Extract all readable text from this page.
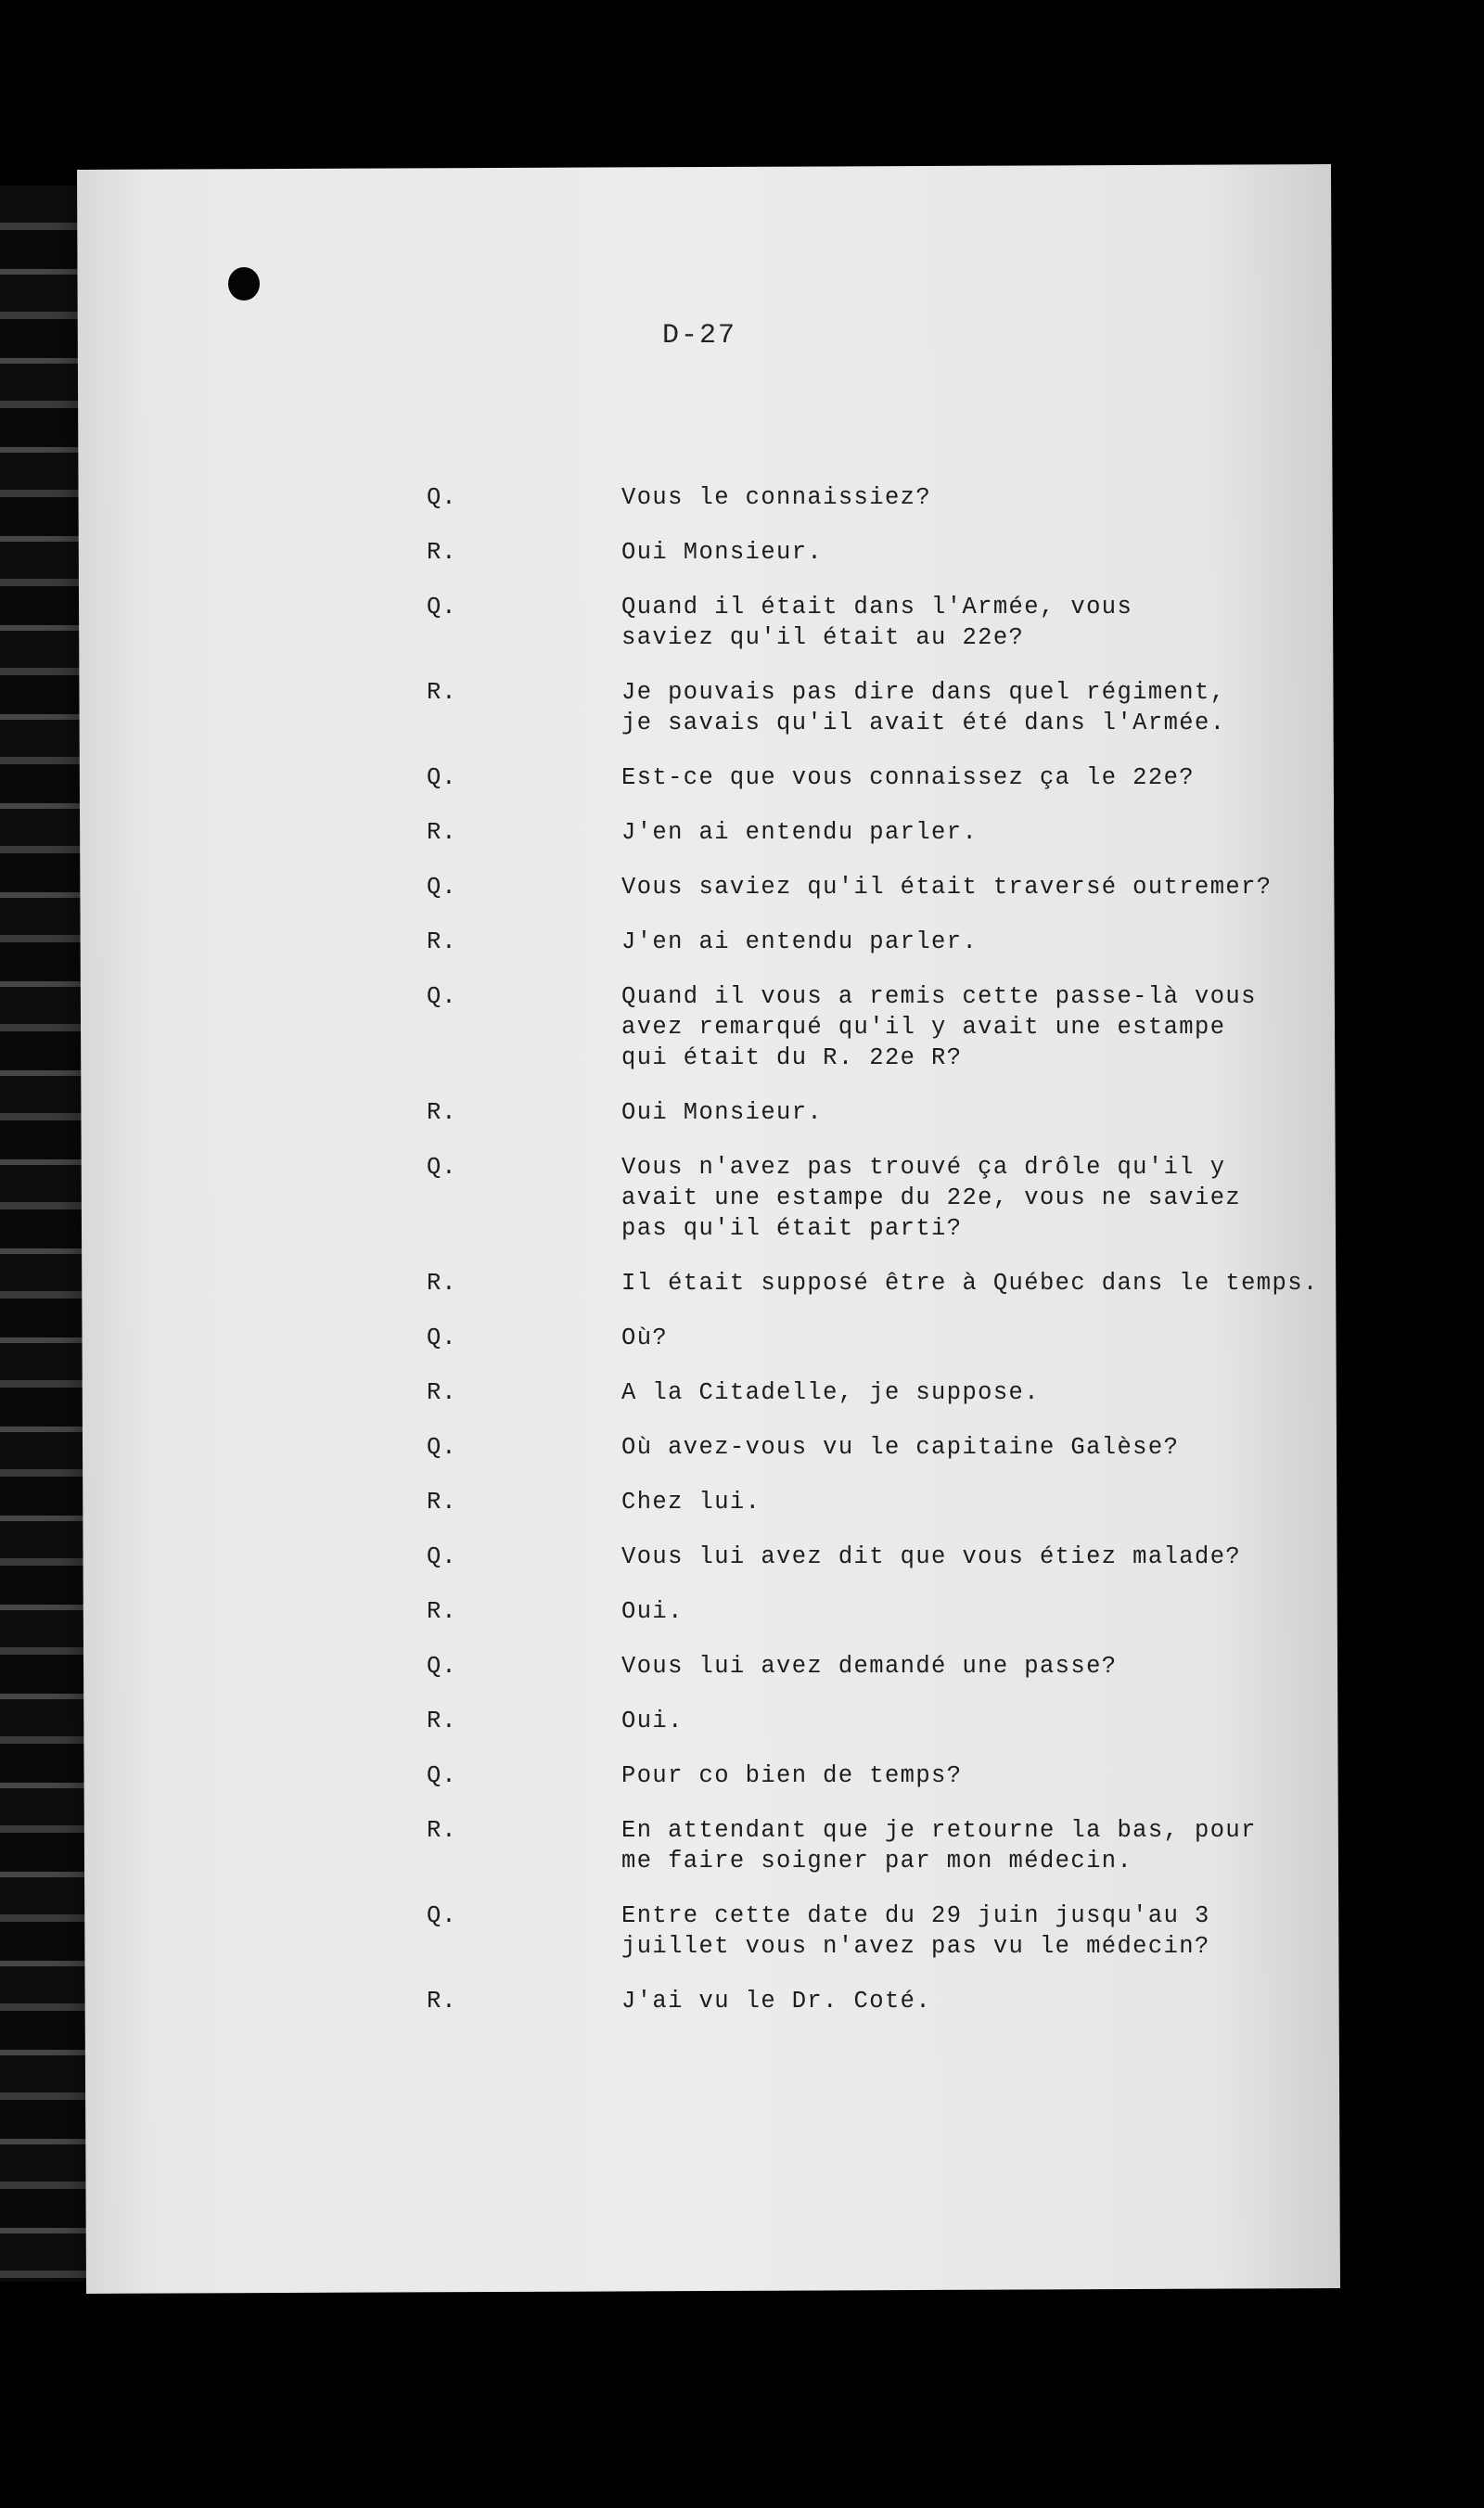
D-27
Q.	Vous le connaissiez?
R.	Oui Monsieur.
Q.	Quand il était dans l'Armée, vous
saviez qu'il était au 22e?
R.	Je pouvais pas dire dans quel régiment,
je savais qu'il avait été dans l'Armée.
Q.	Est-ce que vous connaissez ça le 22e?
R.	J'en ai entendu parler.
Q.	Vous saviez qu'il était traversé outremer?
R.	J'en ai entendu parler.
Q.	Quand il vous a remis cette passe-là vous
avez remarqué qu'il y avait une estampe
qui était du R. 22e R?
R.	Oui Monsieur.
Q.	Vous n'avez pas trouvé ça drôle qu'il y
avait une estampe du 22e, vous ne saviez
pas qu'il était parti?
R.	Il était supposé être à Québec dans le temps.
Q.	Où?
R.	A la Citadelle, je suppose.
Q.	Où avez-vous vu le capitaine Galèse?
R.	Chez lui.
Q.	Vous lui avez dit que vous étiez malade?
R.	Oui.
Q.	Vous lui avez demandé une passe?
R.	Oui.
Q.	Pour co bien de temps?
R.	En attendant que je retourne la bas, pour
me faire soigner par mon médecin.
Q.	Entre cette date du 29 juin jusqu'au 3
juillet vous n'avez pas vu le médecin?
R.	J'ai vu le Dr. Coté.
